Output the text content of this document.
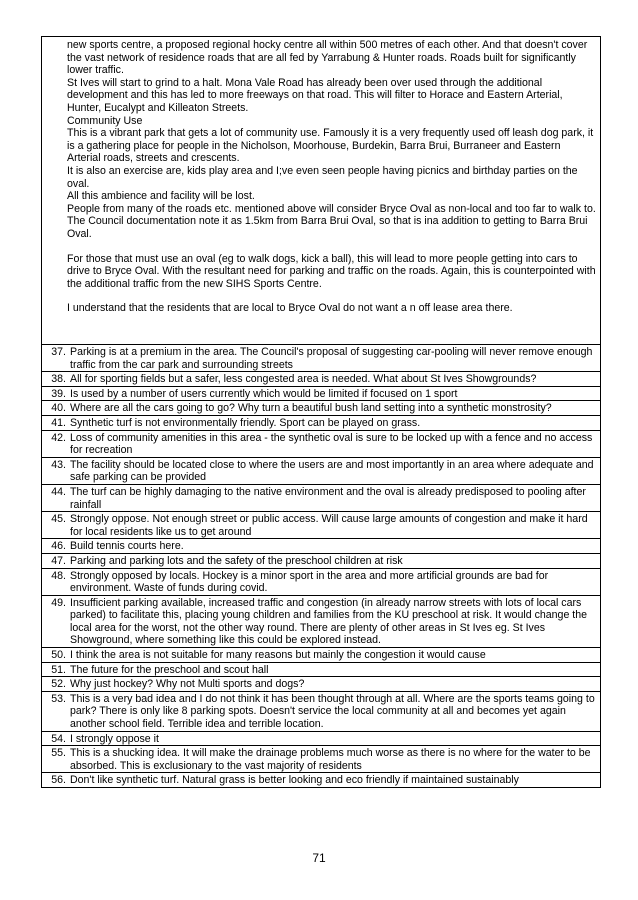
new sports centre, a proposed regional hocky centre all within 500 metres of each other. And that doesn't cover the vast network of residence roads that are all fed by Yarrabung & Hunter roads. Roads built for significantly lower traffic.

St Ives will start to grind to a halt. Mona Vale Road has already been over used through the additional development and this has led to more freeways on that road. This will filter to Horace and Eastern Arterial, Hunter, Eucalypt and Killeaton Streets.

Community Use

This is a vibrant park that gets a lot of community use. Famously it is a very frequently used off leash dog park, it is a gathering place for people in the Nicholson, Moorhouse, Burdekin, Barra Brui, Burraneer and Eastern Arterial roads, streets and crescents.

It is also an exercise are, kids play area and I;ve even seen people having picnics and birthday parties on the oval.

All this ambience and facility will be lost.

People from many of the roads etc. mentioned above will consider Bryce Oval as non-local and too far to walk to. The Council documentation note it as 1.5km from Barra Brui Oval, so that is ina addition to getting to Barra Brui Oval.

For those that must use an oval (eg to walk dogs, kick a ball), this will lead to more people getting into cars to drive to Bryce Oval. With the resultant need for parking and traffic on the roads. Again, this is counterpointed with the additional traffic from the new SIHS Sports Centre.

I understand that the residents that are local to Bryce Oval do not want a n off lease area there.

37. Parking is at a premium in the area. The Council's proposal of suggesting car-pooling will never remove enough traffic from the car park and surrounding streets

38. All for sporting fields but a safer, less congested area is needed. What about St Ives Showgrounds?

39. Is used by a number of users currently which would be limited if focused on 1 sport

40. Where are all the cars going to go? Why turn a beautiful bush land setting into a synthetic monstrosity?

41. Synthetic turf is not environmentally friendly. Sport can be played on grass.

42. Loss of community amenities in this area - the synthetic oval is sure to be locked up with a fence and no access for recreation

43. The facility should be located close to where the users are and most importantly in an area where adequate and safe parking can be provided

44. The turf can be highly damaging to the native environment and the oval is already predisposed to pooling after rainfall

45. Strongly oppose. Not enough street or public access. Will cause large amounts of congestion and make it hard for local residents like us to get around

46. Build tennis courts here.

47. Parking and parking lots and the safety of the preschool children at risk

48. Strongly opposed by locals. Hockey is a minor sport in the area and more artificial grounds are bad for environment. Waste of funds during covid.

49. Insufficient parking available, increased traffic and congestion (in already narrow streets with lots of local cars parked) to facilitate this, placing young children and families from the KU preschool at risk. It would change the local area for the worst, not the other way round. There are plenty of other areas in St Ives eg. St Ives Showground, where something like this could be explored instead.

50. I think the area is not suitable for many reasons but mainly the congestion it would cause

51. The future for the preschool and scout hall

52. Why just hockey? Why not Multi sports and dogs?

53. This is a very bad idea and I do not think it has been thought through at all. Where are the sports teams going to park? There is only like 8 parking spots. Doesn't service the local community at all and becomes yet again another school field. Terrible idea and terrible location.

54. I strongly oppose it

55. This is a shucking idea. It will make the drainage problems much worse as there is no where for the water to be absorbed. This is exclusionary to the vast majority of residents

56. Don't like synthetic turf. Natural grass is better looking and eco friendly if maintained sustainably
71
